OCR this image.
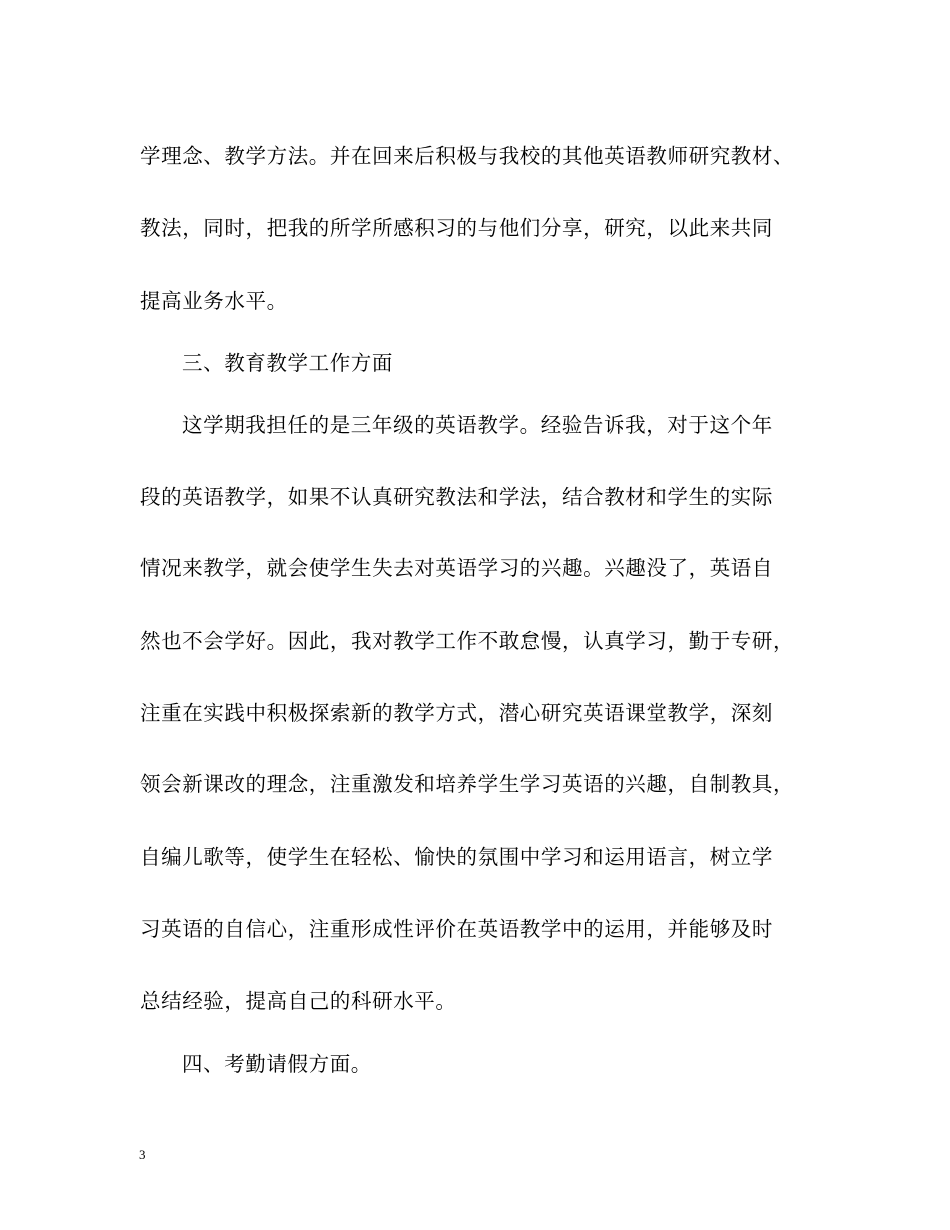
学理念、教学方法。并在回来后积极与我校的其他英语教师研究教材、
教法，同时，把我的所学所感积习的与他们分享，研究，以此来共同
提高业务水平。
三、教育教学工作方面
这学期我担任的是三年级的英语教学。经验告诉我，对于这个年
段的英语教学，如果不认真研究教法和学法，结合教材和学生的实际
情况来教学，就会使学生失去对英语学习的兴趣。兴趣没了，英语自
然也不会学好。因此，我对教学工作不敢怠慢，认真学习，勤于专研，
注重在实践中积极探索新的教学方式，潜心研究英语课堂教学，深刻
领会新课改的理念，注重激发和培养学生学习英语的兴趣，自制教具，
自编儿歌等，使学生在轻松、愉快的氛围中学习和运用语言，树立学
习英语的自信心，注重形成性评价在英语教学中的运用，并能够及时
总结经验，提高自己的科研水平。
四、考勤请假方面。
3
